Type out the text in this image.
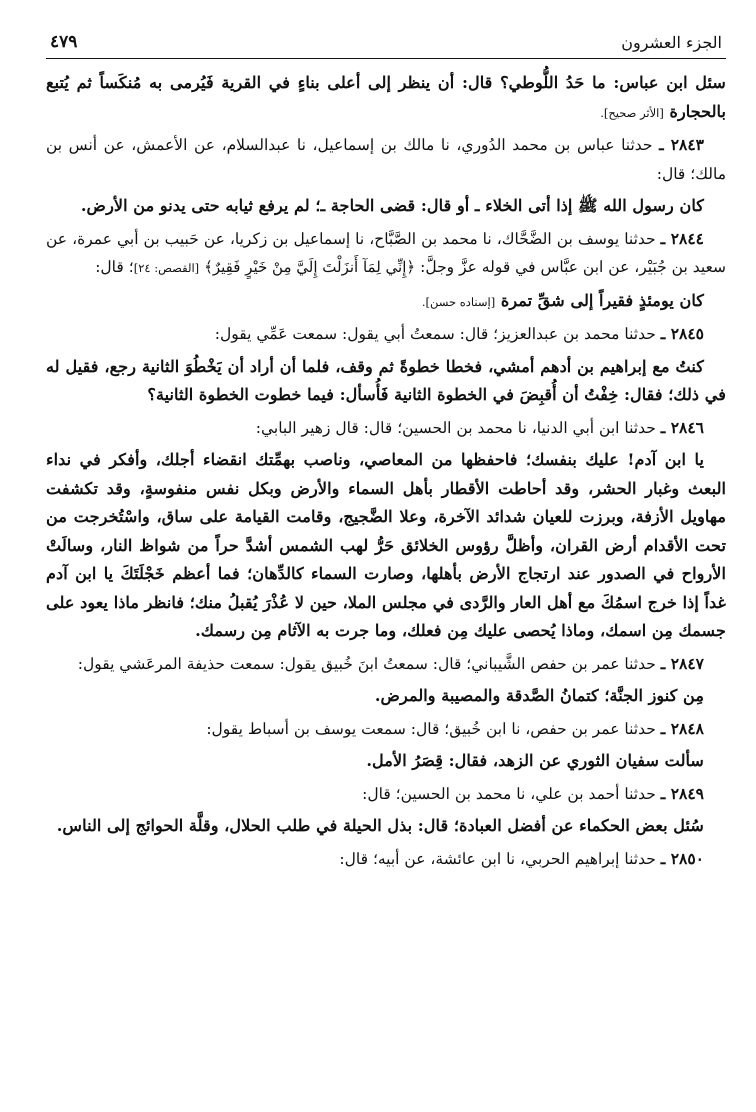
الجزء العشرون
٤٧٩

سئل ابن عباس: ما حَدُ اللُّوطي؟ قال: أن ينظر إلى أعلى بناءٍ في القرية فَيُرمى به مُنكَساً ثم يُتبع بالحجارة [الأثر صحيح].

٢٨٤٣ ـ حدثنا عباس بن محمد الدُوري، نا مالك بن إسماعيل، نا عبدالسلام، عن الأعمش، عن أنس بن مالك؛ قال:

كان رسول الله ﷺ إذا أتى الخلاء ـ أو قال: قضى الحاجة ـ؛ لم يرفع ثيابه حتى يدنو من الأرض.

٢٨٤٤ ـ حدثنا يوسف بن الضَّحَّاك، نا محمد بن الصَّبَّاح، نا إسماعيل بن زكريا، عن حَبيب بن أبي عمرة، عن سعيد بن جُبَيْر، عن ابن عبَّاس في قوله عزَّ وجلَّ: ﴿إِنِّي لِمَآ أَنزَلْتَ إِلَيَّ مِنْ خَيْرٍ فَقِيرٌ﴾ [القصص: ٢٤]؛ قال:

كان يومئذٍ فقيراً إلى شقِّ تمرة [إسناده حسن].

٢٨٤٥ ـ حدثنا محمد بن عبدالعزيز؛ قال: سمعتُ أبي يقول: سمعت عَمِّي يقول:

كنتُ مع إبراهيم بن أدهم أمشي، فخطا خطوةً ثم وقف، فلما أن أراد أن يَخْطُوَ الثانية رجع، فقيل له في ذلك؛ فقال: خِفْتُ أن أُقبِضَ في الخطوة الثانية فَأُسأل: فيما خطوت الخطوة الثانية؟

٢٨٤٦ ـ حدثنا ابن أبي الدنيا، نا محمد بن الحسين؛ قال: قال زهير البابي:

يا ابن آدم! عليك بنفسك؛ فاحفظها من المعاصي، وناصب بهمِّتك انقضاء أجلك، وأفكر في نداء البعث وغبار الحشر، وقد أحاطت الأقطار بأهل السماء والأرض وبكل نفس منفوسةٍ، وقد تكشفت مهاويل الأزفة، وبرزت للعيان شدائد الآخرة، وعلا الضَّجيج، وقامت القيامة على ساق، واسْتُخرجت من تحت الأقدام أرض القران، وأظلَّ رؤوس الخلائق حَرُّ لهب الشمس أشدَّ حراً من شواظ النار، وسالَتْ الأرواح في الصدور عند ارتجاج الأرض بأهلها، وصارت السماء كالدِّهان؛ فما أعظم خَجْلَتَكَ يا ابن آدم غداً إذا خرج اسمُكَ مع أهل العار والرَّدى في مجلس الملا، حين لا عُذْرَ يُقبلُ منك؛ فانظر ماذا يعود على جسمك مِن اسمك، وماذا يُحصى عليك مِن فعلك، وما جرت به الآثام مِن رسمك.

٢٨٤٧ ـ حدثنا عمر بن حفص الشَّيباني؛ قال: سمعتُ ابنَ خُبيق يقول: سمعت حذيفة المرعَشي يقول:

مِن كنوز الجنَّة؛ كتمانُ الصَّدقة والمصيبة والمرض.

٢٨٤٨ ـ حدثنا عمر بن حفص، نا ابن خُبيق؛ قال: سمعت يوسف بن أسباط يقول:

سألت سفيان الثوري عن الزهد، فقال: قِصَرُ الأمل.

٢٨٤٩ ـ حدثنا أحمد بن علي، نا محمد بن الحسين؛ قال:

سُئل بعض الحكماء عن أفضل العبادة؛ قال: بذل الحيلة في طلب الحلال، وقلَّة الحوائج إلى الناس.

٢٨٥٠ ـ حدثنا إبراهيم الحربي، نا ابن عائشة، عن أبيه؛ قال:
